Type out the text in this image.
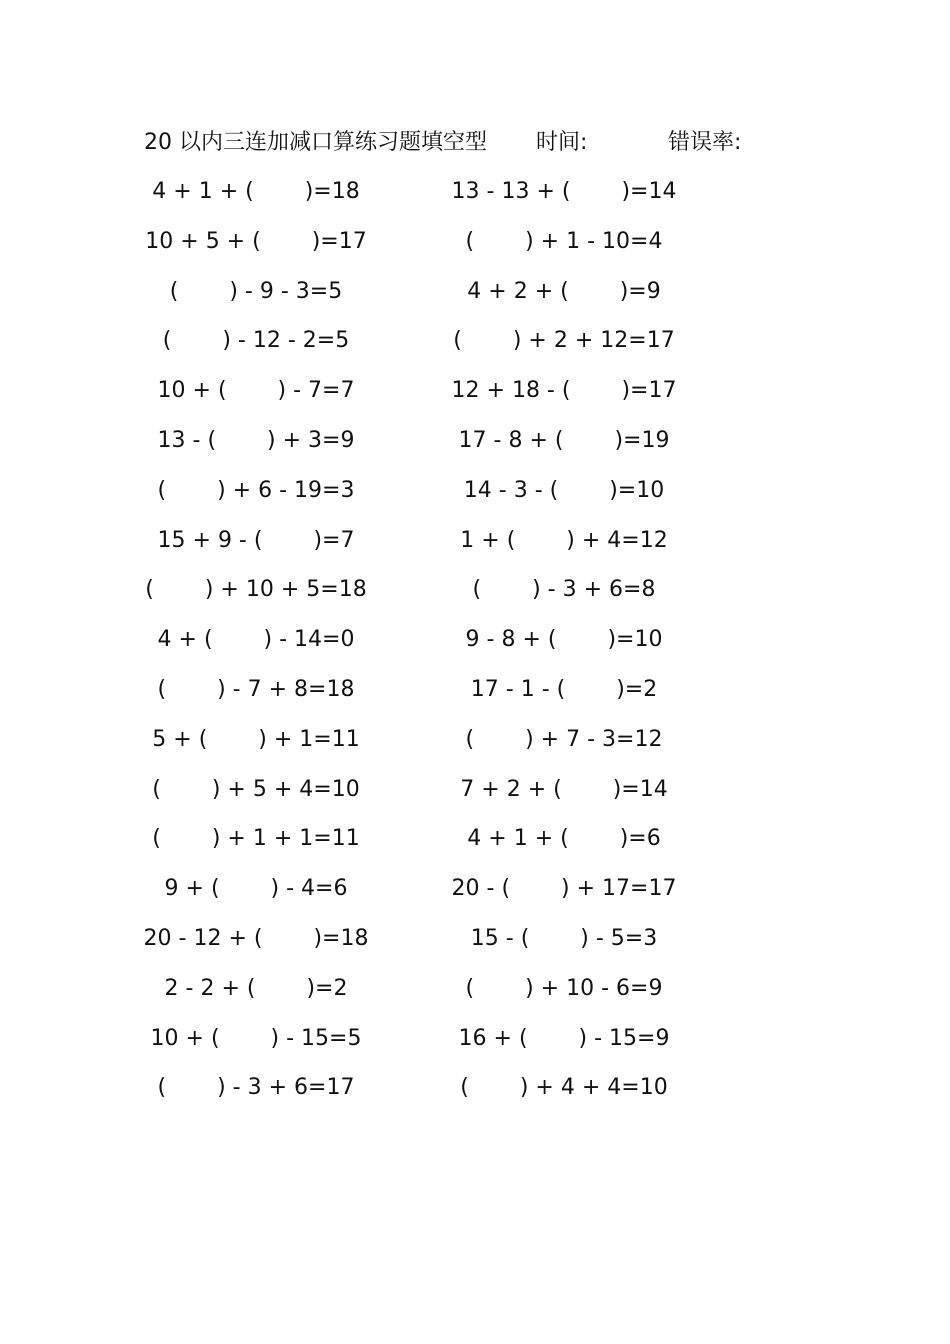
20 以内三连加减口算练习题填空型 时间:	错误率:
4 + 1 + (　　 )=18
10 + 5 + (　　 )=17
(　　 ) - 9 - 3=5
(　　 ) - 12 - 2=5
10 + (　　 ) - 7=7
13 - (　　 ) + 3=9
(　　 ) + 6 - 19=3
15 + 9 - (　　 )=7
(　　 ) + 10 + 5=18
4 + (　　 ) - 14=0
(　　 ) - 7 + 8=18
5 + (　　 ) + 1=11
(　　 ) + 5 + 4=10
(　　 ) + 1 + 1=11
9 + (　　 ) - 4=6
20 - 12 + (　　 )=18
2 - 2 + (　　 )=2
10 + (　　 ) - 15=5
(　　 ) - 3 + 6=17
13 - 13 + (　　 )=14
(　　 ) + 1 - 10=4
4 + 2 + (　　 )=9
(　　 ) + 2 + 12=17
12 + 18 - (　　 )=17
17 - 8 + (　　 )=19
14 - 3 - (　　 )=10
1 + (　　 ) + 4=12
(　　 ) - 3 + 6=8
9 - 8 + (　　 )=10
17 - 1 - (　　 )=2
(　　 ) + 7 - 3=12
7 + 2 + (　　 )=14
4 + 1 + (　　 )=6
20 - (　　 ) + 17=17
15 - (　　 ) - 5=3
(　　 ) + 10 - 6=9
16 + (　　 ) - 15=9
(　　 ) + 4 + 4=10
